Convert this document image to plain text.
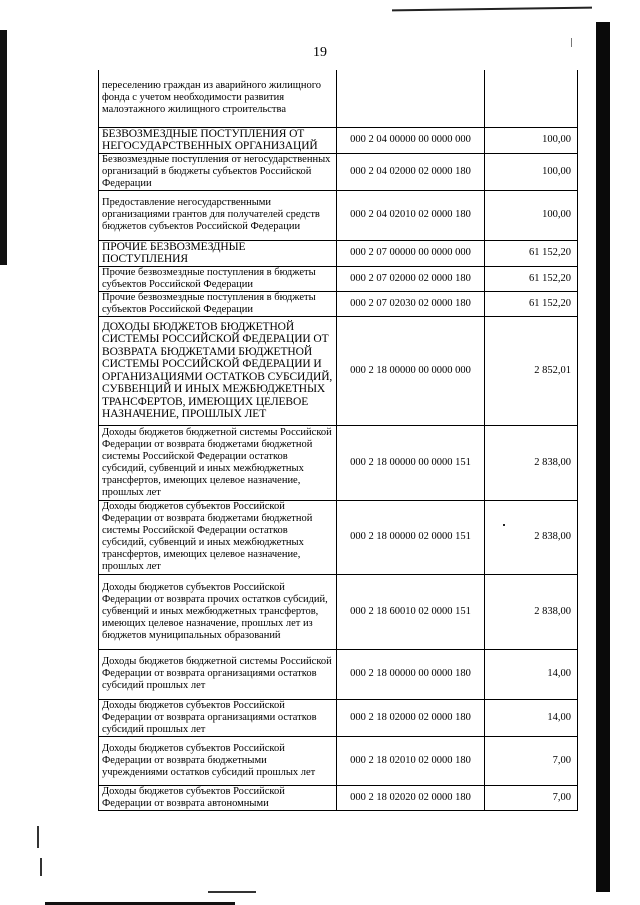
19
переселению граждан из аварийного жилищного фонда с учетом необходимости развития малоэтажного жилищного строительства		
БЕЗВОЗМЕЗДНЫЕ ПОСТУПЛЕНИЯ ОТ НЕГОСУДАРСТВЕННЫХ ОРГАНИЗАЦИЙ	000 2 04 00000 00 0000 000	100,00
Безвозмездные поступления от негосударственных организаций в бюджеты субъектов Российской Федерации	000 2 04 02000 02 0000 180	100,00
Предоставление негосударственными организациями грантов для получателей средств бюджетов субъектов Российской Федерации	000 2 04 02010 02 0000 180	100,00
ПРОЧИЕ БЕЗВОЗМЕЗДНЫЕ ПОСТУПЛЕНИЯ	000 2 07 00000 00 0000 000	61 152,20
Прочие безвозмездные поступления в бюджеты субъектов Российской Федерации	000 2 07 02000 02 0000 180	61 152,20
Прочие безвозмездные поступления в бюджеты субъектов Российской Федерации	000 2 07 02030 02 0000 180	61 152,20
ДОХОДЫ БЮДЖЕТОВ БЮДЖЕТНОЙ СИСТЕМЫ РОССИЙСКОЙ ФЕДЕРАЦИИ ОТ ВОЗВРАТА БЮДЖЕТАМИ БЮДЖЕТНОЙ СИСТЕМЫ РОССИЙСКОЙ ФЕДЕРАЦИИ И ОРГАНИЗАЦИЯМИ ОСТАТКОВ СУБСИДИЙ, СУБВЕНЦИЙ И ИНЫХ МЕЖБЮДЖЕТНЫХ ТРАНСФЕРТОВ, ИМЕЮЩИХ ЦЕЛЕВОЕ НАЗНАЧЕНИЕ, ПРОШЛЫХ ЛЕТ	000 2 18 00000 00 0000 000	2 852,01
Доходы бюджетов бюджетной системы Российской Федерации от возврата бюджетами бюджетной системы Российской Федерации остатков субсидий, субвенций и иных межбюджетных трансфертов, имеющих целевое назначение, прошлых лет	000 2 18 00000 00 0000 151	2 838,00
Доходы бюджетов субъектов Российской Федерации от возврата бюджетами бюджетной системы Российской Федерации остатков субсидий, субвенций и иных межбюджетных трансфертов, имеющих целевое назначение, прошлых лет	000 2 18 00000 02 0000 151	2 838,00
Доходы бюджетов субъектов Российской Федерации от возврата прочих остатков субсидий, субвенций и иных межбюджетных трансфертов, имеющих целевое назначение, прошлых лет из бюджетов муниципальных образований	000 2 18 60010 02 0000 151	2 838,00
Доходы бюджетов бюджетной системы Российской Федерации от возврата организациями остатков субсидий прошлых лет	000 2 18 00000 00 0000 180	14,00
Доходы бюджетов субъектов Российской Федерации от возврата организациями остатков субсидий прошлых лет	000 2 18 02000 02 0000 180	14,00
Доходы бюджетов субъектов Российской Федерации от возврата бюджетными учреждениями остатков субсидий прошлых лет	000 2 18 02010 02 0000 180	7,00
Доходы бюджетов субъектов Российской Федерации от возврата автономными	000 2 18 02020 02 0000 180	7,00
